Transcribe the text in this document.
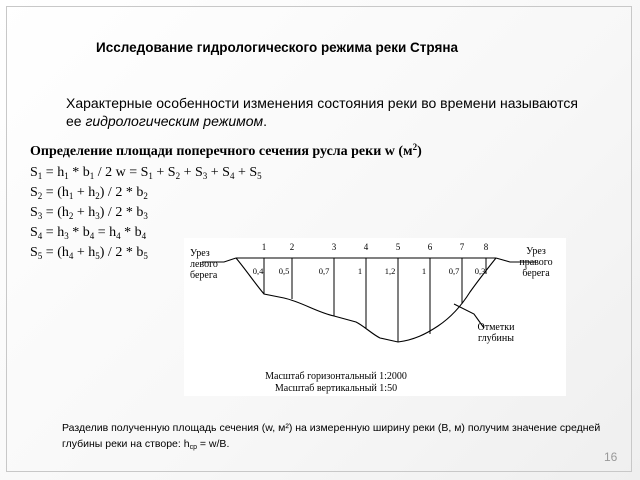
Исследование гидрологического режима реки Стряна
Характерные особенности изменения состояния реки во времени называются ее гидрологическим режимом.
Определение площади поперечного сечения русла реки w $(м^2)$
$S_1 = h_1 * b_1 / 2$ $w = S_1 + S_2 + S_3 + S_4 + S_5$
$S_2 = (h_1 + h_2) / 2 * b_2$
$S_3 = (h_2 + h_3) / 2 * b_3$
$S_4 = h_3 * b_4 = h_4 * b_4$
$S_5 = (h_4 + h_5) / 2 * b_5$
1
0,4
2
0,5
3
0,7
4
1
5
1,2
6
1
7
0,7
8
0,3
Урез
левого
берега
Урез
правого
берега
Отметки
глубины
Масштаб горизонтальный 1:2000
Масштаб вертикальный 1:50
Разделив полученную площадь сечения (w, м²) на измеренную ширину реки (В, м) получим значение средней глубины реки на створе: $h_{ср} = w/B$.
16
